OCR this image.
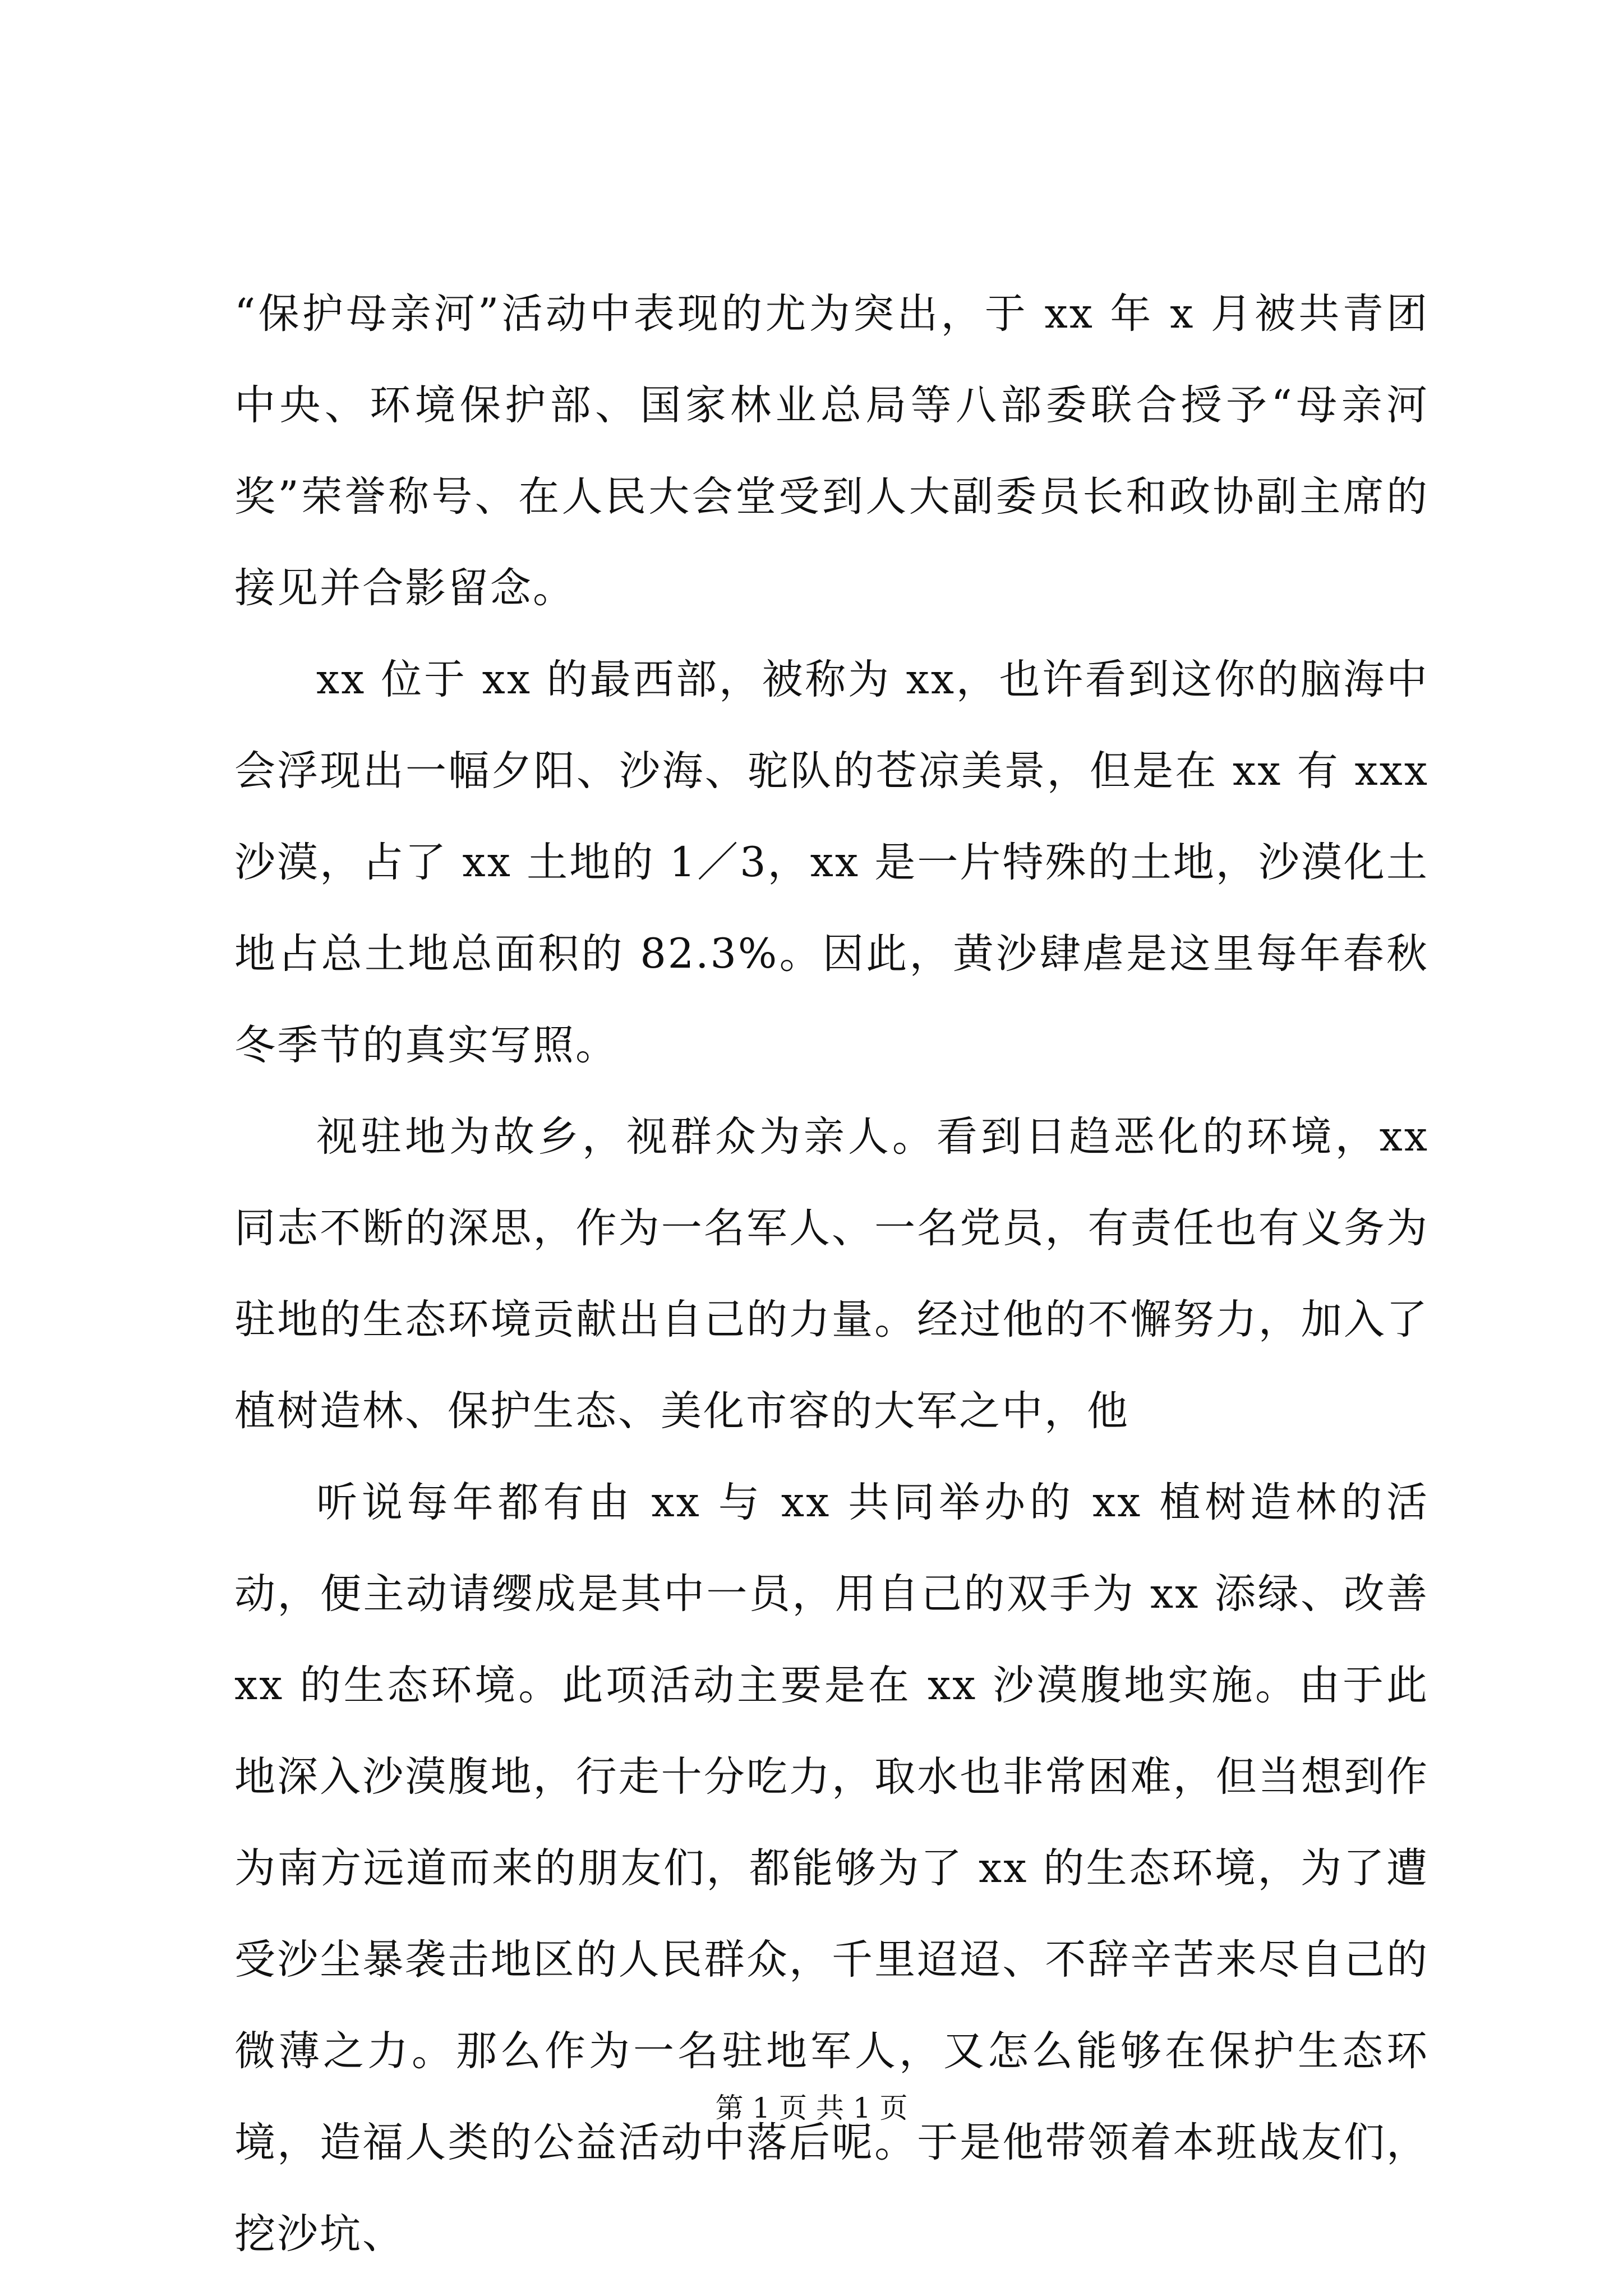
“保护母亲河”活动中表现的尤为突出，于 xx 年 x 月被共青团中央、环境保护部、国家林业总局等八部委联合授予“母亲河奖”荣誉称号、在人民大会堂受到人大副委员长和政协副主席的接见并合影留念。

xx 位于 xx 的最西部，被称为 xx，也许看到这你的脑海中会浮现出一幅夕阳、沙海、驼队的苍凉美景，但是在 xx 有 xxx 沙漠，占了 xx 土地的 1／3，xx 是一片特殊的土地，沙漠化土地占总土地总面积的 82.3%。因此，黄沙肆虐是这里每年春秋冬季节的真实写照。

视驻地为故乡，视群众为亲人。看到日趋恶化的环境，xx 同志不断的深思，作为一名军人、一名党员，有责任也有义务为驻地的生态环境贡献出自己的力量。经过他的不懈努力，加入了植树造林、保护生态、美化市容的大军之中，他

听说每年都有由 xx 与 xx 共同举办的 xx 植树造林的活动，便主动请缨成是其中一员，用自己的双手为 xx 添绿、改善 xx 的生态环境。此项活动主要是在 xx 沙漠腹地实施。由于此地深入沙漠腹地，行走十分吃力，取水也非常困难，但当想到作为南方远道而来的朋友们，都能够为了 xx 的生态环境，为了遭受沙尘暴袭击地区的人民群众，千里迢迢、不辞辛苦来尽自己的微薄之力。那么作为一名驻地军人，又怎么能够在保护生态环境，造福人类的公益活动中落后呢。于是他带领着本班战友们，挖沙坑、

第 1 页 共 1 页
